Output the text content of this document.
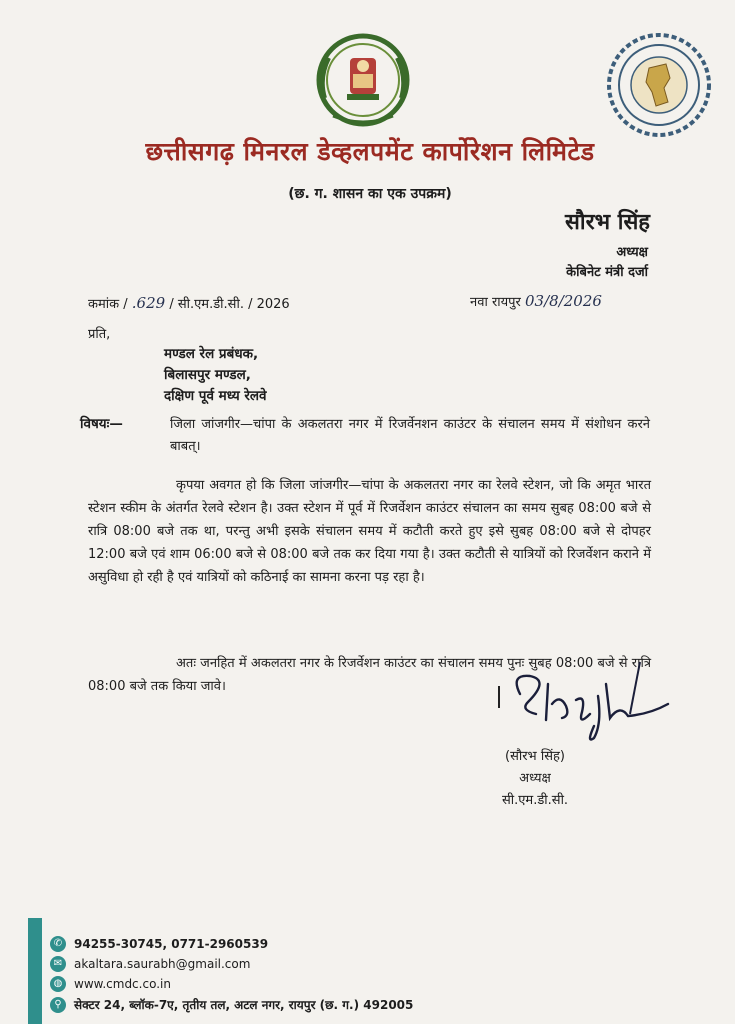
छत्तीसगढ़ मिनरल डेव्हलपमेंट कार्पोरेशन लिमिटेड
(छ. ग. शासन का एक उपक्रम)
सौरभ सिंह
अध्यक्ष
केबिनेट मंत्री दर्जा
कमांक / .629 / सी.एम.डी.सी. / 2026	नवा रायपुर 03/8/2026
प्रति,
मण्डल रेल प्रबंधक,
बिलासपुर मण्डल,
दक्षिण पूर्व मध्य रेलवे
विषयः—	जिला जांजगीर—चांपा के अकलतरा नगर में रिजर्वेनशन काउंटर के संचालन समय में संशोधन करने बाबत्।
कृपया अवगत हो कि जिला जांजगीर—चांपा के अकलतरा नगर का रेलवे स्टेशन, जो कि अमृत भारत स्टेशन स्कीम के अंतर्गत रेलवे स्टेशन है। उक्त स्टेशन में पूर्व में रिजर्वेशन काउंटर संचालन का समय सुबह 08:00 बजे से रात्रि 08:00 बजे तक था, परन्तु अभी इसके संचालन समय में कटौती करते हुए इसे सुबह 08:00 बजे से दोपहर 12:00 बजे एवं शाम 06:00 बजे से 08:00 बजे तक कर दिया गया है। उक्त कटौती से यात्रियों को रिजर्वेशन कराने में असुविधा हो रही है एवं यात्रियों को कठिनाई का सामना करना पड़ रहा है।
अतः जनहित में अकलतरा नगर के रिजर्वेशन काउंटर का संचालन समय पुनः सुबह 08:00 बजे से रात्रि 08:00 बजे तक किया जावे।
(सौरभ सिंह)
अध्यक्ष
सी.एम.डी.सी.
✆ 94255-30745, 0771-2960539
✉ akaltara.saurabh@gmail.com
◍ www.cmdc.co.in
⚲	सेक्टर 24, ब्लॉक-7ए, तृतीय तल, अटल नगर, रायपुर (छ. ग.) 492005
